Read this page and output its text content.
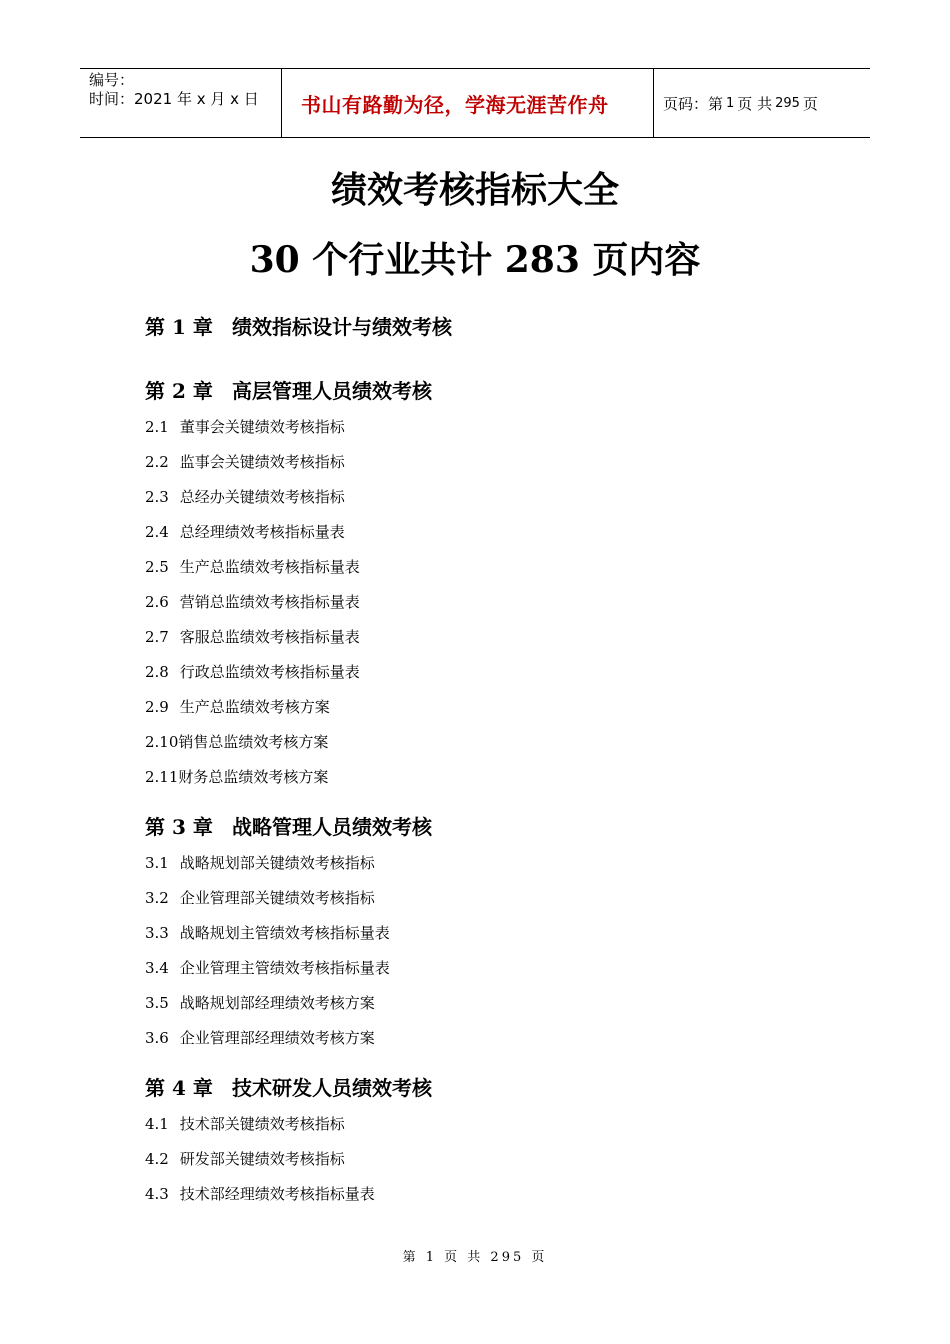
编号：
时间：2021 年 x 月 x 日	书山有路勤为径，学海无涯苦作舟	页码：第 1 页 共 295 页
绩效考核指标大全
30 个行业共计 283 页内容
第 1 章 绩效指标设计与绩效考核
第 2 章 高层管理人员绩效考核
2.1 董事会关键绩效考核指标
2.2 监事会关键绩效考核指标
2.3 总经办关键绩效考核指标
2.4 总经理绩效考核指标量表
2.5 生产总监绩效考核指标量表
2.6 营销总监绩效考核指标量表
2.7 客服总监绩效考核指标量表
2.8 行政总监绩效考核指标量表
2.9 生产总监绩效考核方案
2.10销售总监绩效考核方案
2.11财务总监绩效考核方案
第 3 章 战略管理人员绩效考核
3.1 战略规划部关键绩效考核指标
3.2 企业管理部关键绩效考核指标
3.3 战略规划主管绩效考核指标量表
3.4 企业管理主管绩效考核指标量表
3.5 战略规划部经理绩效考核方案
3.6 企业管理部经理绩效考核方案
第 4 章 技术研发人员绩效考核
4.1 技术部关键绩效考核指标
4.2 研发部关键绩效考核指标
4.3 技术部经理绩效考核指标量表
第 1 页 共 295 页
